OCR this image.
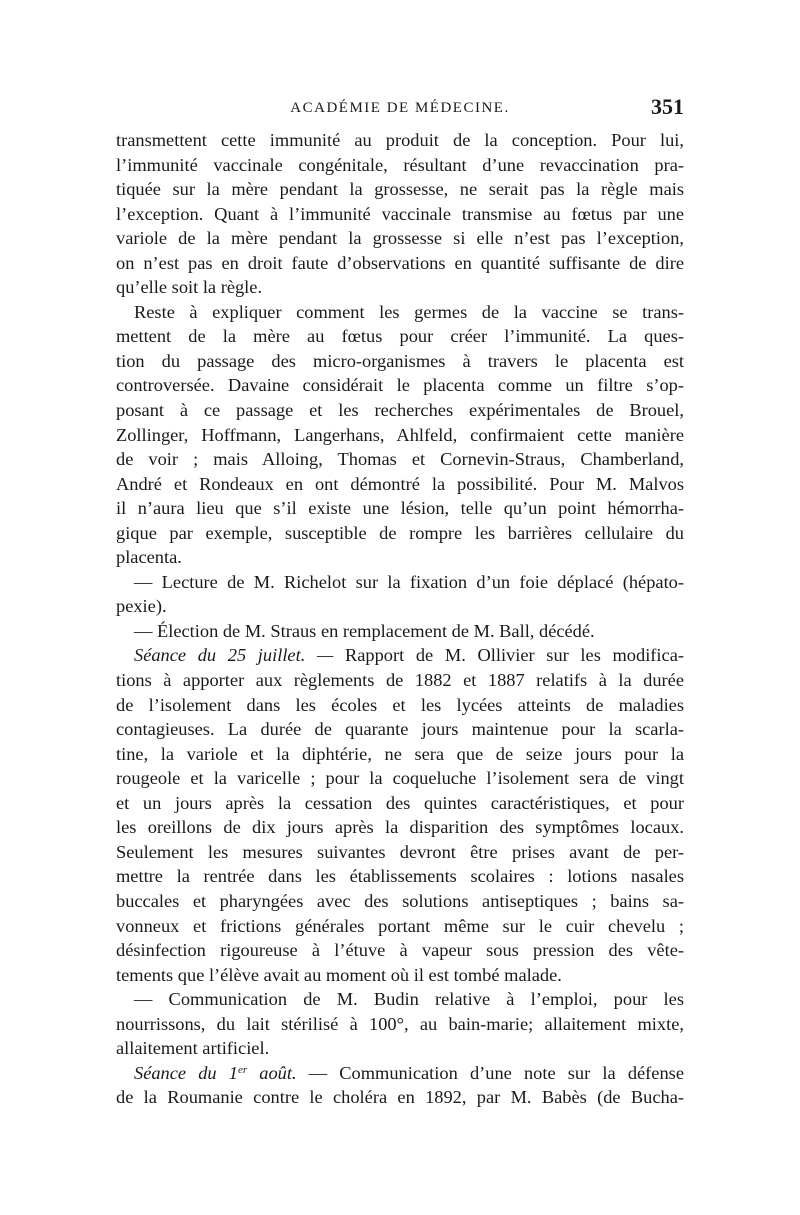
ACADÉMIE DE MÉDECINE.	351
transmettent cette immunité au produit de la conception. Pour lui,
l’immunité vaccinale congénitale, résultant d’une revaccination pra-
tiquée sur la mère pendant la grossesse, ne serait pas la règle mais
l’exception. Quant à l’immunité vaccinale transmise au fœtus par une
variole de la mère pendant la grossesse si elle n’est pas l’exception,
on n’est pas en droit faute d’observations en quantité suffisante de dire
qu’elle soit la règle.
Reste à expliquer comment les germes de la vaccine se trans-
mettent de la mère au fœtus pour créer l’immunité. La ques-
tion du passage des micro-organismes à travers le placenta est
controversée. Davaine considérait le placenta comme un filtre s’op-
posant à ce passage et les recherches expérimentales de Brouel,
Zollinger, Hoffmann, Langerhans, Ahlfeld, confirmaient cette manière
de voir ; mais Alloing, Thomas et Cornevin-Straus, Chamberland,
André et Rondeaux en ont démontré la possibilité. Pour M. Malvos
il n’aura lieu que s’il existe une lésion, telle qu’un point hémorrha-
gique par exemple, susceptible de rompre les barrières cellulaire du
placenta.
— Lecture de M. Richelot sur la fixation d’un foie déplacé (hépato-
pexie).
— Élection de M. Straus en remplacement de M. Ball, décédé.
Séance du 25 juillet. — Rapport de M. Ollivier sur les modifica-
tions à apporter aux règlements de 1882 et 1887 relatifs à la durée
de l’isolement dans les écoles et les lycées atteints de maladies
contagieuses. La durée de quarante jours maintenue pour la scarla-
tine, la variole et la diphtérie, ne sera que de seize jours pour la
rougeole et la varicelle ; pour la coqueluche l’isolement sera de vingt
et un jours après la cessation des quintes caractéristiques, et pour
les oreillons de dix jours après la disparition des symptômes locaux.
Seulement les mesures suivantes devront être prises avant de per-
mettre la rentrée dans les établissements scolaires : lotions nasales
buccales et pharyngées avec des solutions antiseptiques ; bains sa-
vonneux et frictions générales portant même sur le cuir chevelu ;
désinfection rigoureuse à l’étuve à vapeur sous pression des vête-
tements que l’élève avait au moment où il est tombé malade.
— Communication de M. Budin relative à l’emploi, pour les
nourrissons, du lait stérilisé à 100°, au bain-marie; allaitement mixte,
allaitement artificiel.
Séance du 1er août. — Communication d’une note sur la défense
de la Roumanie contre le choléra en 1892, par M. Babès (de Bucha-
